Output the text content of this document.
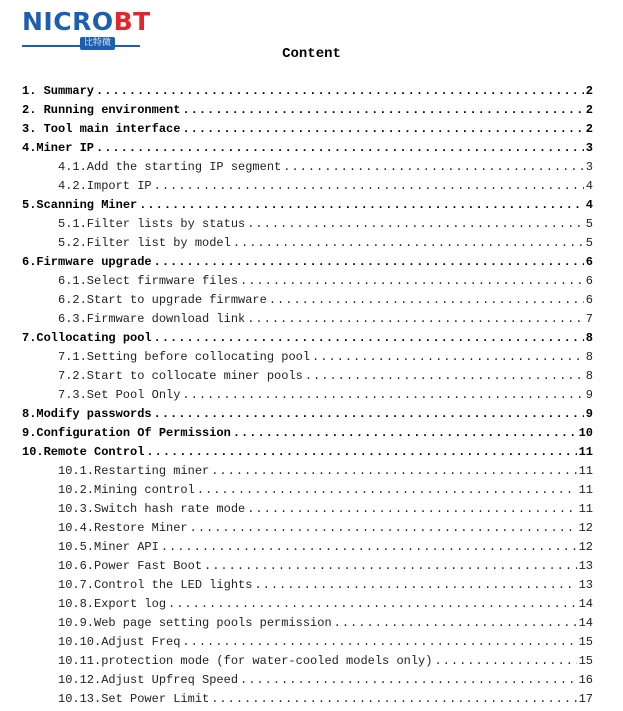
NICROBT
比特微
Content
1. Summary .....	2
2. Running environment .....	2
3. Tool main interface .....	2
4.Miner IP .....	3
4.1.Add the starting IP segment .....	3
4.2.Import IP .....	4
5.Scanning Miner .....	4
5.1.Filter lists by status .....	5
5.2.Filter list by model .....	5
6.Firmware upgrade .....	6
6.1.Select firmware files .....	6
6.2.Start to upgrade firmware .....	6
6.3.Firmware download link .....	7
7.Collocating pool .....	8
7.1.Setting before collocating pool .....	8
7.2.Start to collocate miner pools .....	8
7.3.Set Pool Only .....	9
8.Modify passwords .....	9
9.Configuration Of Permission .....	10
10.Remote Control .....	11
10.1.Restarting miner .....	11
10.2.Mining control .....	11
10.3.Switch hash rate mode .....	11
10.4.Restore Miner .....	12
10.5.Miner API .....	12
10.6.Power Fast Boot .....	13
10.7.Control the LED lights .....	13
10.8.Export log .....	14
10.9.Web page setting pools permission .....	14
10.10.Adjust Freq .....	15
10.11.protection mode (for water-cooled models only) .....	15
10.12.Adjust Upfreq Speed .....	16
10.13.Set Power Limit .....	17
